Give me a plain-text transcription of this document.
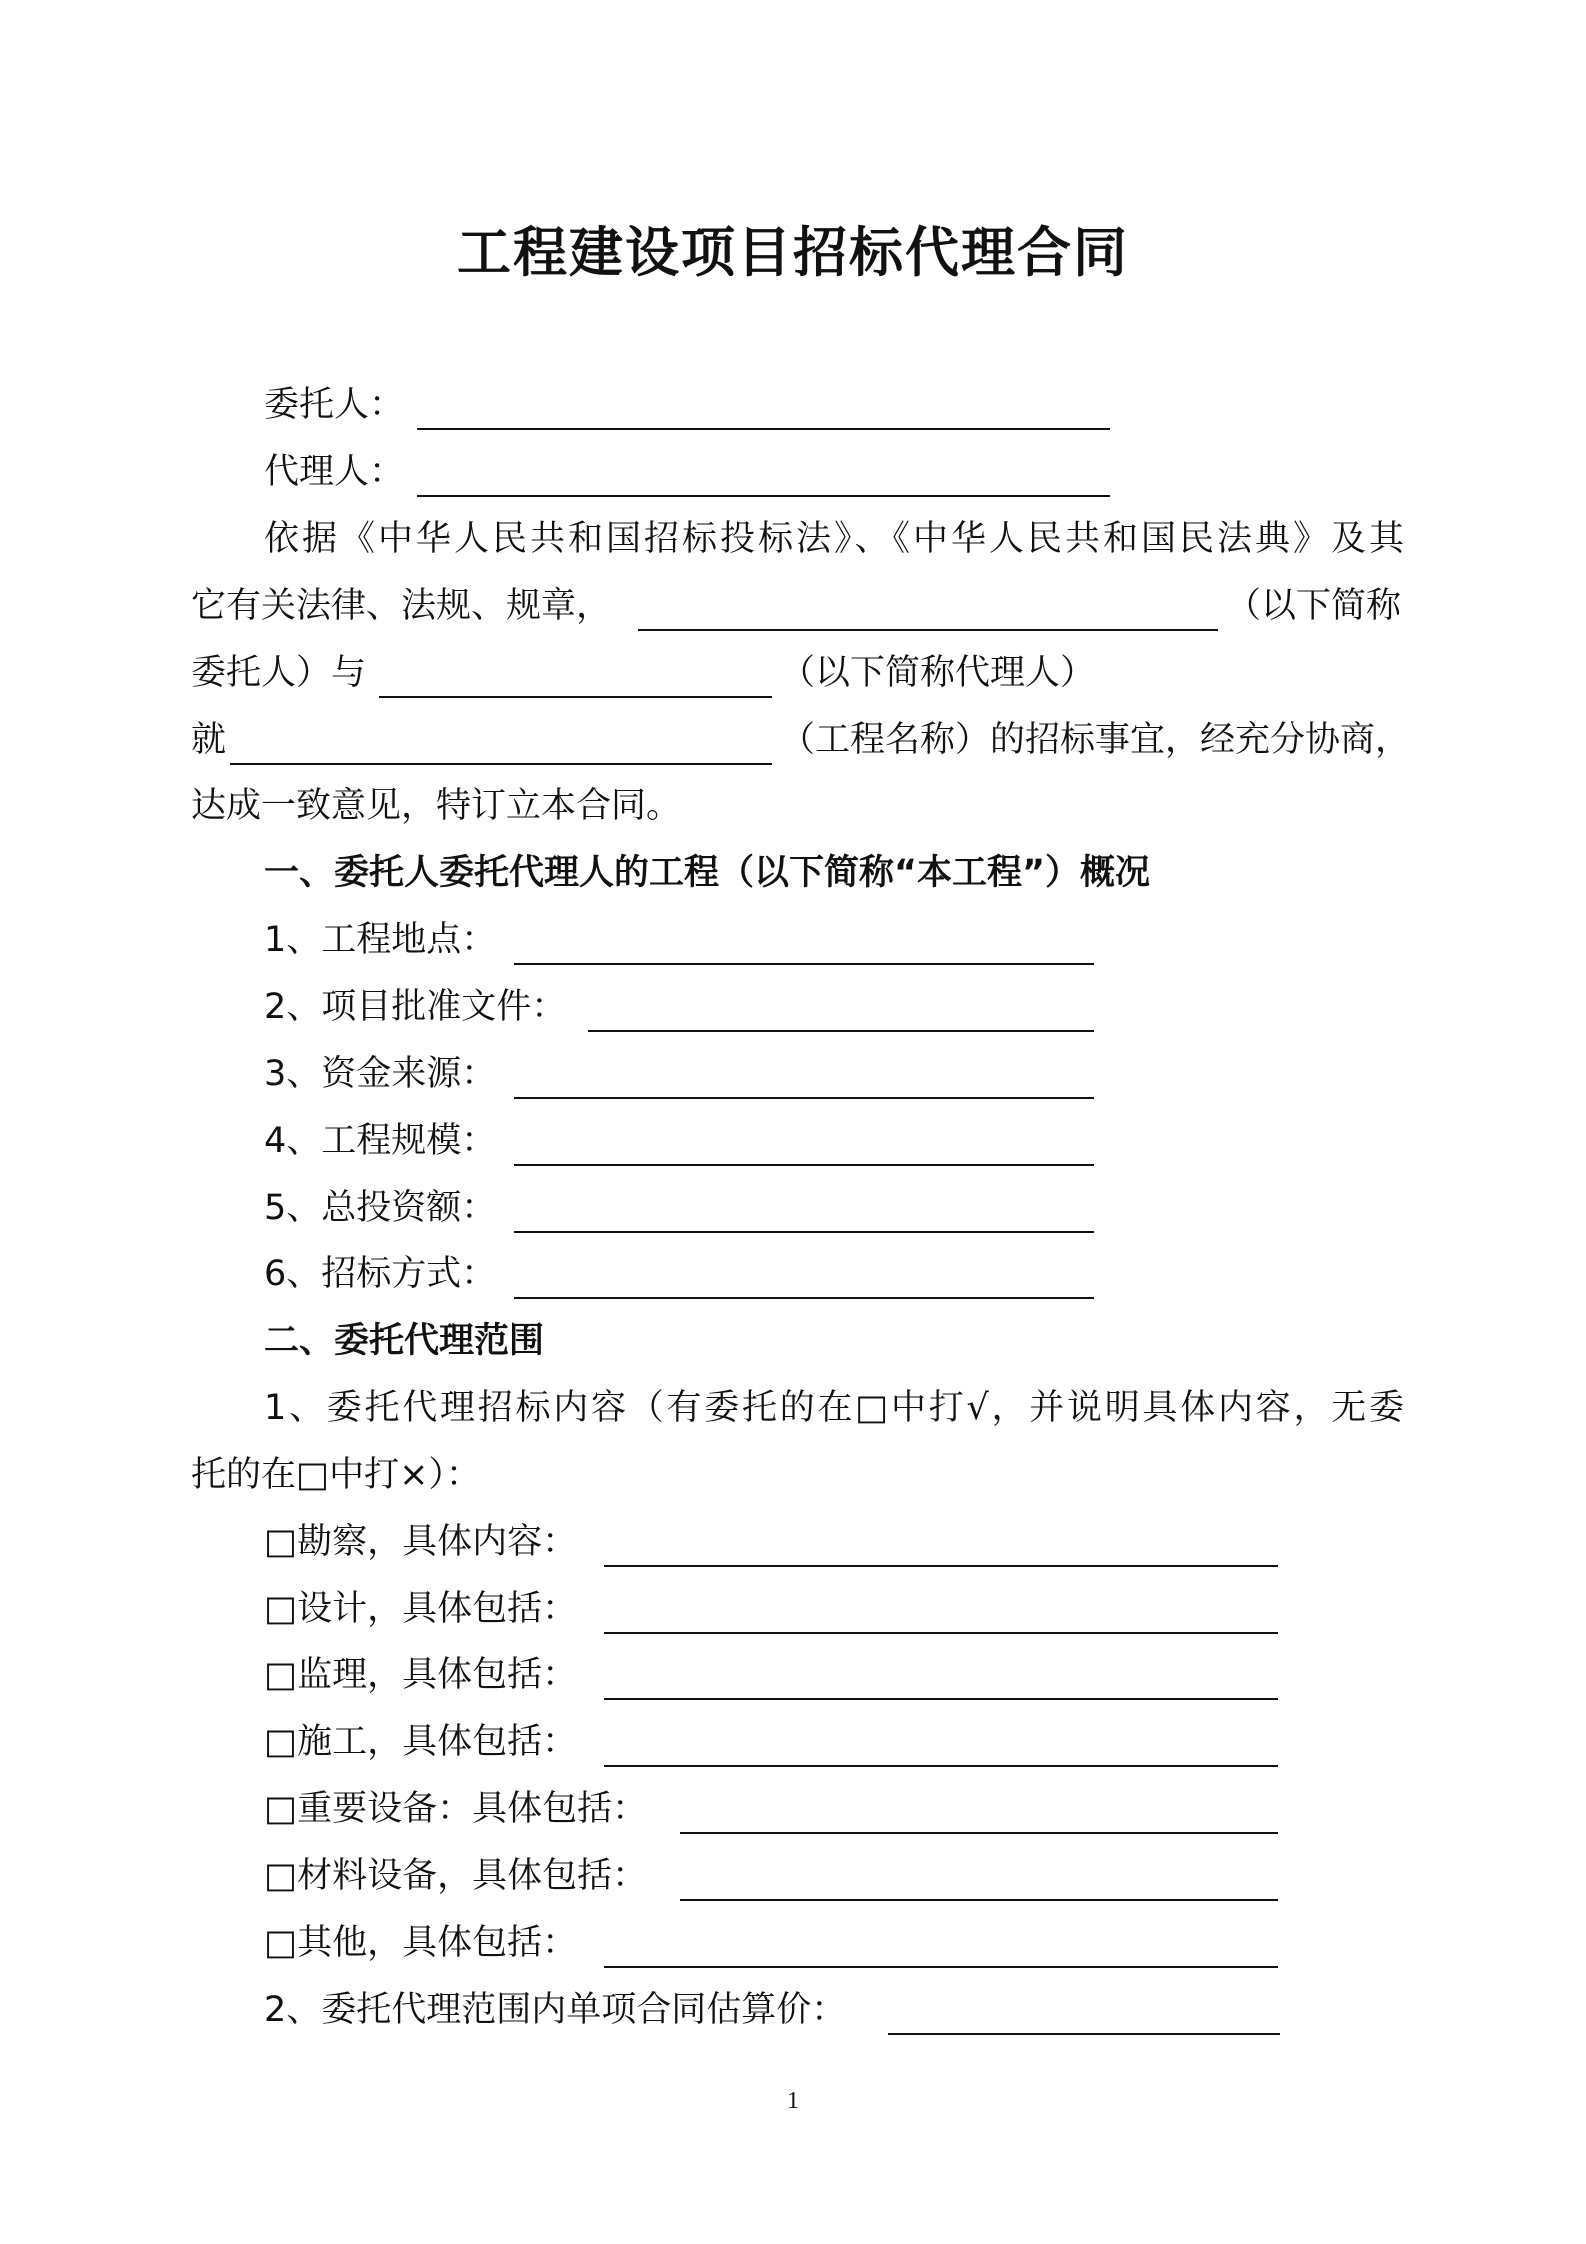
工程建设项目招标代理合同
委托人：
代理人：
依据《中华人民共和国招标投标法》、《中华人民共和国民法典》及其
它有关法律、法规、规章，	（以下简称
委托人）与	（以下简称代理人）
就	（工程名称）的招标事宜，经充分协商，
达成一致意见，特订立本合同。
一、委托人委托代理人的工程（以下简称“本工程”）概况
1、工程地点：
2、项目批准文件：
3、资金来源：
4、工程规模：
5、总投资额：
6、招标方式：
二、委托代理范围
1、委托代理招标内容（有委托的在□中打√，并说明具体内容，无委
托的在□中打×）：
□勘察，具体内容：
□设计，具体包括：
□监理，具体包括：
□施工，具体包括：
□重要设备：具体包括：
□材料设备，具体包括：
□其他，具体包括：
2、委托代理范围内单项合同估算价：
1
